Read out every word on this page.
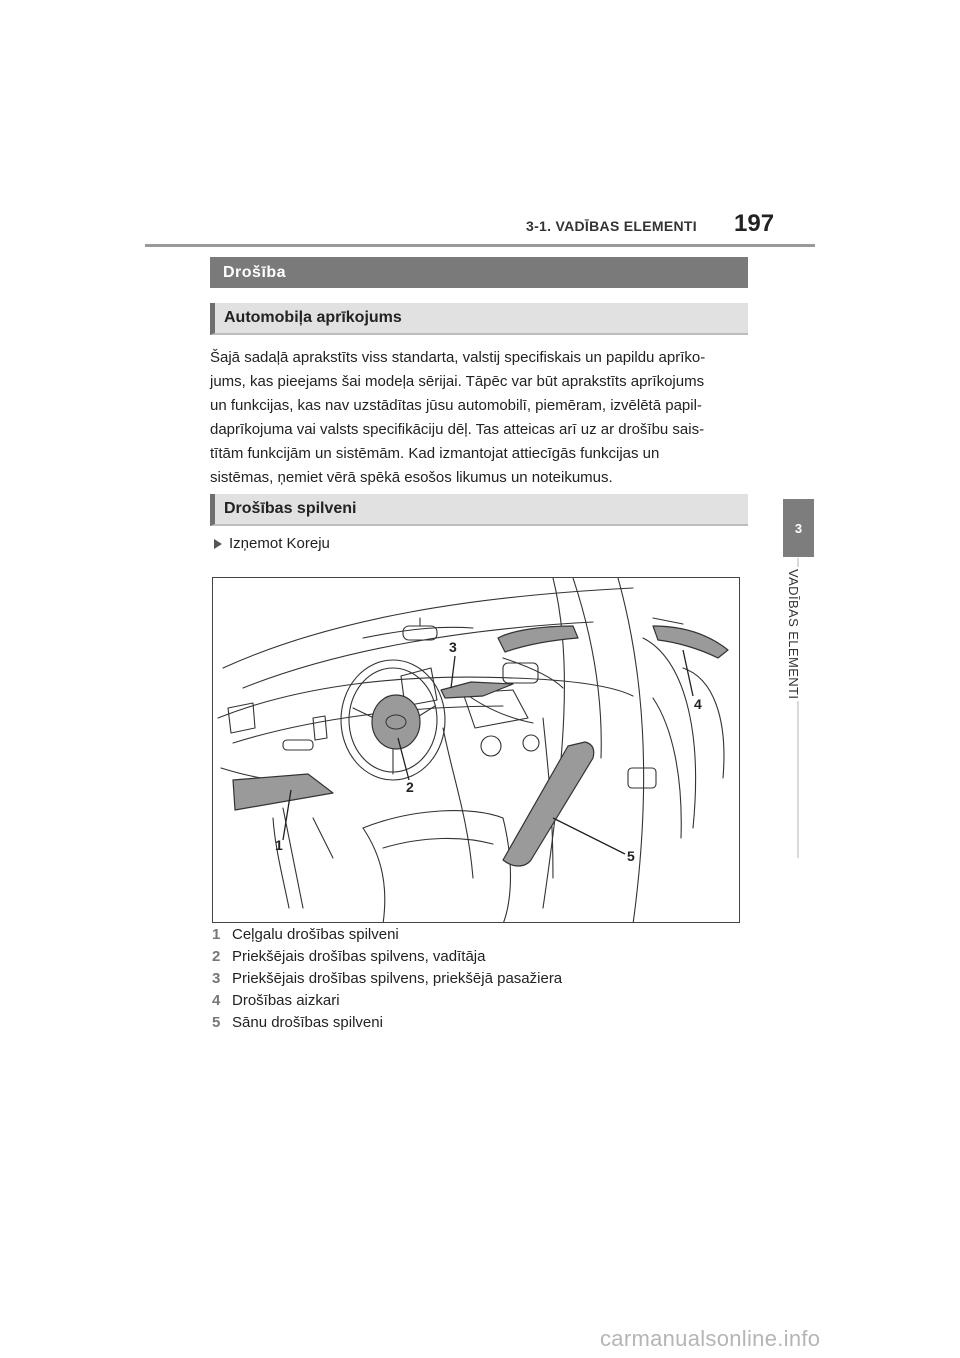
3-1. VADĪBAS ELEMENTI 197
3
VADĪBAS ELEMENTI
Drošība
Automobiļa aprīkojums
Šajā sadaļā aprakstīts viss standarta, valstij specifiskais un papildu aprīko-
jums, kas pieejams šai modeļa sērijai. Tāpēc var būt aprakstīts aprīkojums
un funkcijas, kas nav uzstādītas jūsu automobilī, piemēram, izvēlētā papil-
daprīkojuma vai valsts specifikāciju dēļ. Tas atteicas arī uz ar drošību sais-
tītām funkcijām un sistēmām. Kad izmantojat attiecīgās funkcijas un
sistēmas, ņemiet vērā spēkā esošos likumus un noteikumus.
Drošības spilveni
Izņemot Koreju
1
2
3
4
5
1 Ceļgalu drošības spilveni
2 Priekšējais drošības spilvens, vadītāja
3 Priekšējais drošības spilvens, priekšējā pasažiera
4 Drošības aizkari
5 Sānu drošības spilveni
carmanualsonline.info
